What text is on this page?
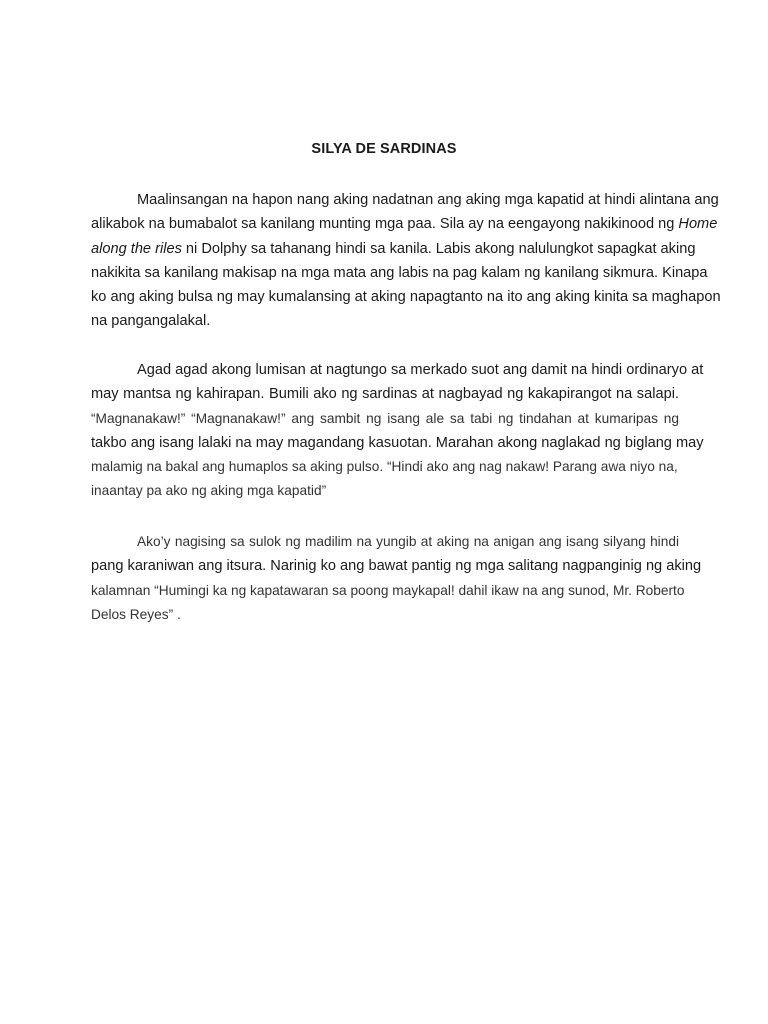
SILYA DE SARDINAS
Maalinsangan na hapon nang aking nadatnan ang aking mga kapatid at hindi alintana ang
alikabok na bumabalot sa kanilang munting mga paa. Sila ay na eengayong nakikinood ng Home
along the riles ni Dolphy sa tahanang hindi sa kanila. Labis akong nalulungkot sapagkat aking
nakikita sa kanilang makisap na mga mata ang labis na pag kalam ng kanilang sikmura. Kinapa
ko ang aking bulsa ng may kumalansing at aking napagtanto na ito ang aking kinita sa maghapon
na pangangalakal.
Agad agad akong lumisan at nagtungo sa merkado suot ang damit na hindi ordinaryo at
may mantsa ng kahirapan. Bumili ako ng sardinas at nagbayad ng kakapirangot na salapi.
“Magnanakaw!” “Magnanakaw!” ang sambit ng isang ale sa tabi ng tindahan at kumaripas ng
takbo ang isang lalaki na may magandang kasuotan. Marahan akong naglakad ng biglang may
malamig na bakal ang humaplos sa aking pulso. “Hindi ako ang nag nakaw! Parang awa niyo na,
inaantay pa ako ng aking mga kapatid”
Ako’y nagising sa sulok ng madilim na yungib at aking na anigan ang isang silyang hindi
pang karaniwan ang itsura. Narinig ko ang bawat pantig ng mga salitang nagpanginig ng aking
kalamnan “Humingi ka ng kapatawaran sa poong maykapal! dahil ikaw na ang sunod, Mr. Roberto
Delos Reyes” .
